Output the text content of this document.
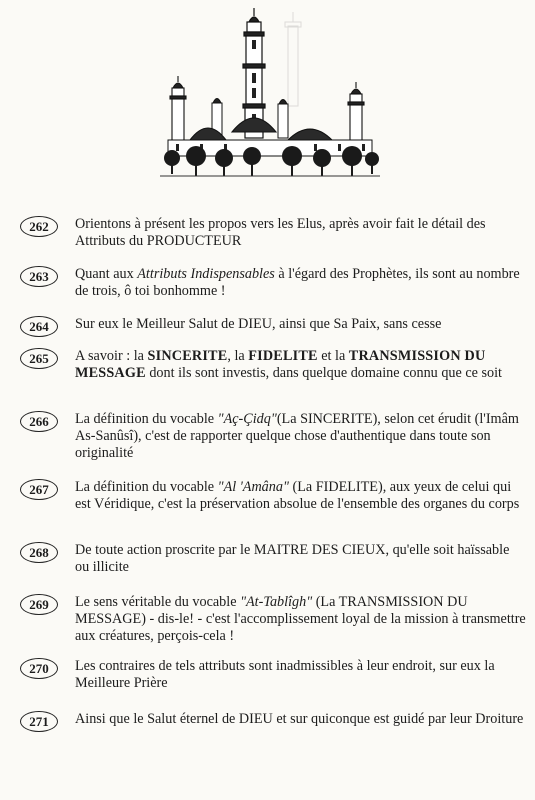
262	Orientons à présent les propos vers les Elus, après avoir fait le détail des Attributs du PRODUCTEUR
263	Quant aux Attributs Indispensables à l'égard des Prophètes, ils sont au nombre de trois, ô toi bonhomme !
264	Sur eux le Meilleur Salut de DIEU, ainsi que Sa Paix, sans cesse
265	A savoir : la SINCERITE, la FIDELITE et la TRANSMISSION DU MESSAGE dont ils sont investis, dans quelque domaine connu que ce soit
266	La définition du vocable "Aç-Çidq"(La SINCERITE), selon cet érudit (l'Imâm As-Sanûsî), c'est de rapporter quelque chose d'authentique dans toute son originalité
267	La définition du vocable "Al 'Amâna" (La FIDELITE), aux yeux de celui qui est Véridique, c'est la préservation absolue de l'ensemble des organes du corps
268	De toute action proscrite par le MAITRE DES CIEUX, qu'elle soit haïssable ou illicite
269	Le sens véritable du vocable "At-Tablîgh" (La TRANSMISSION DU MESSAGE) - dis-le! - c'est l'accomplissement loyal de la mission à transmettre aux créatures, perçois-cela !
270	Les contraires de tels attributs sont inadmissibles à leur endroit, sur eux la Meilleure Prière
271	Ainsi que le Salut éternel de DIEU et sur quiconque est guidé par leur Droiture
